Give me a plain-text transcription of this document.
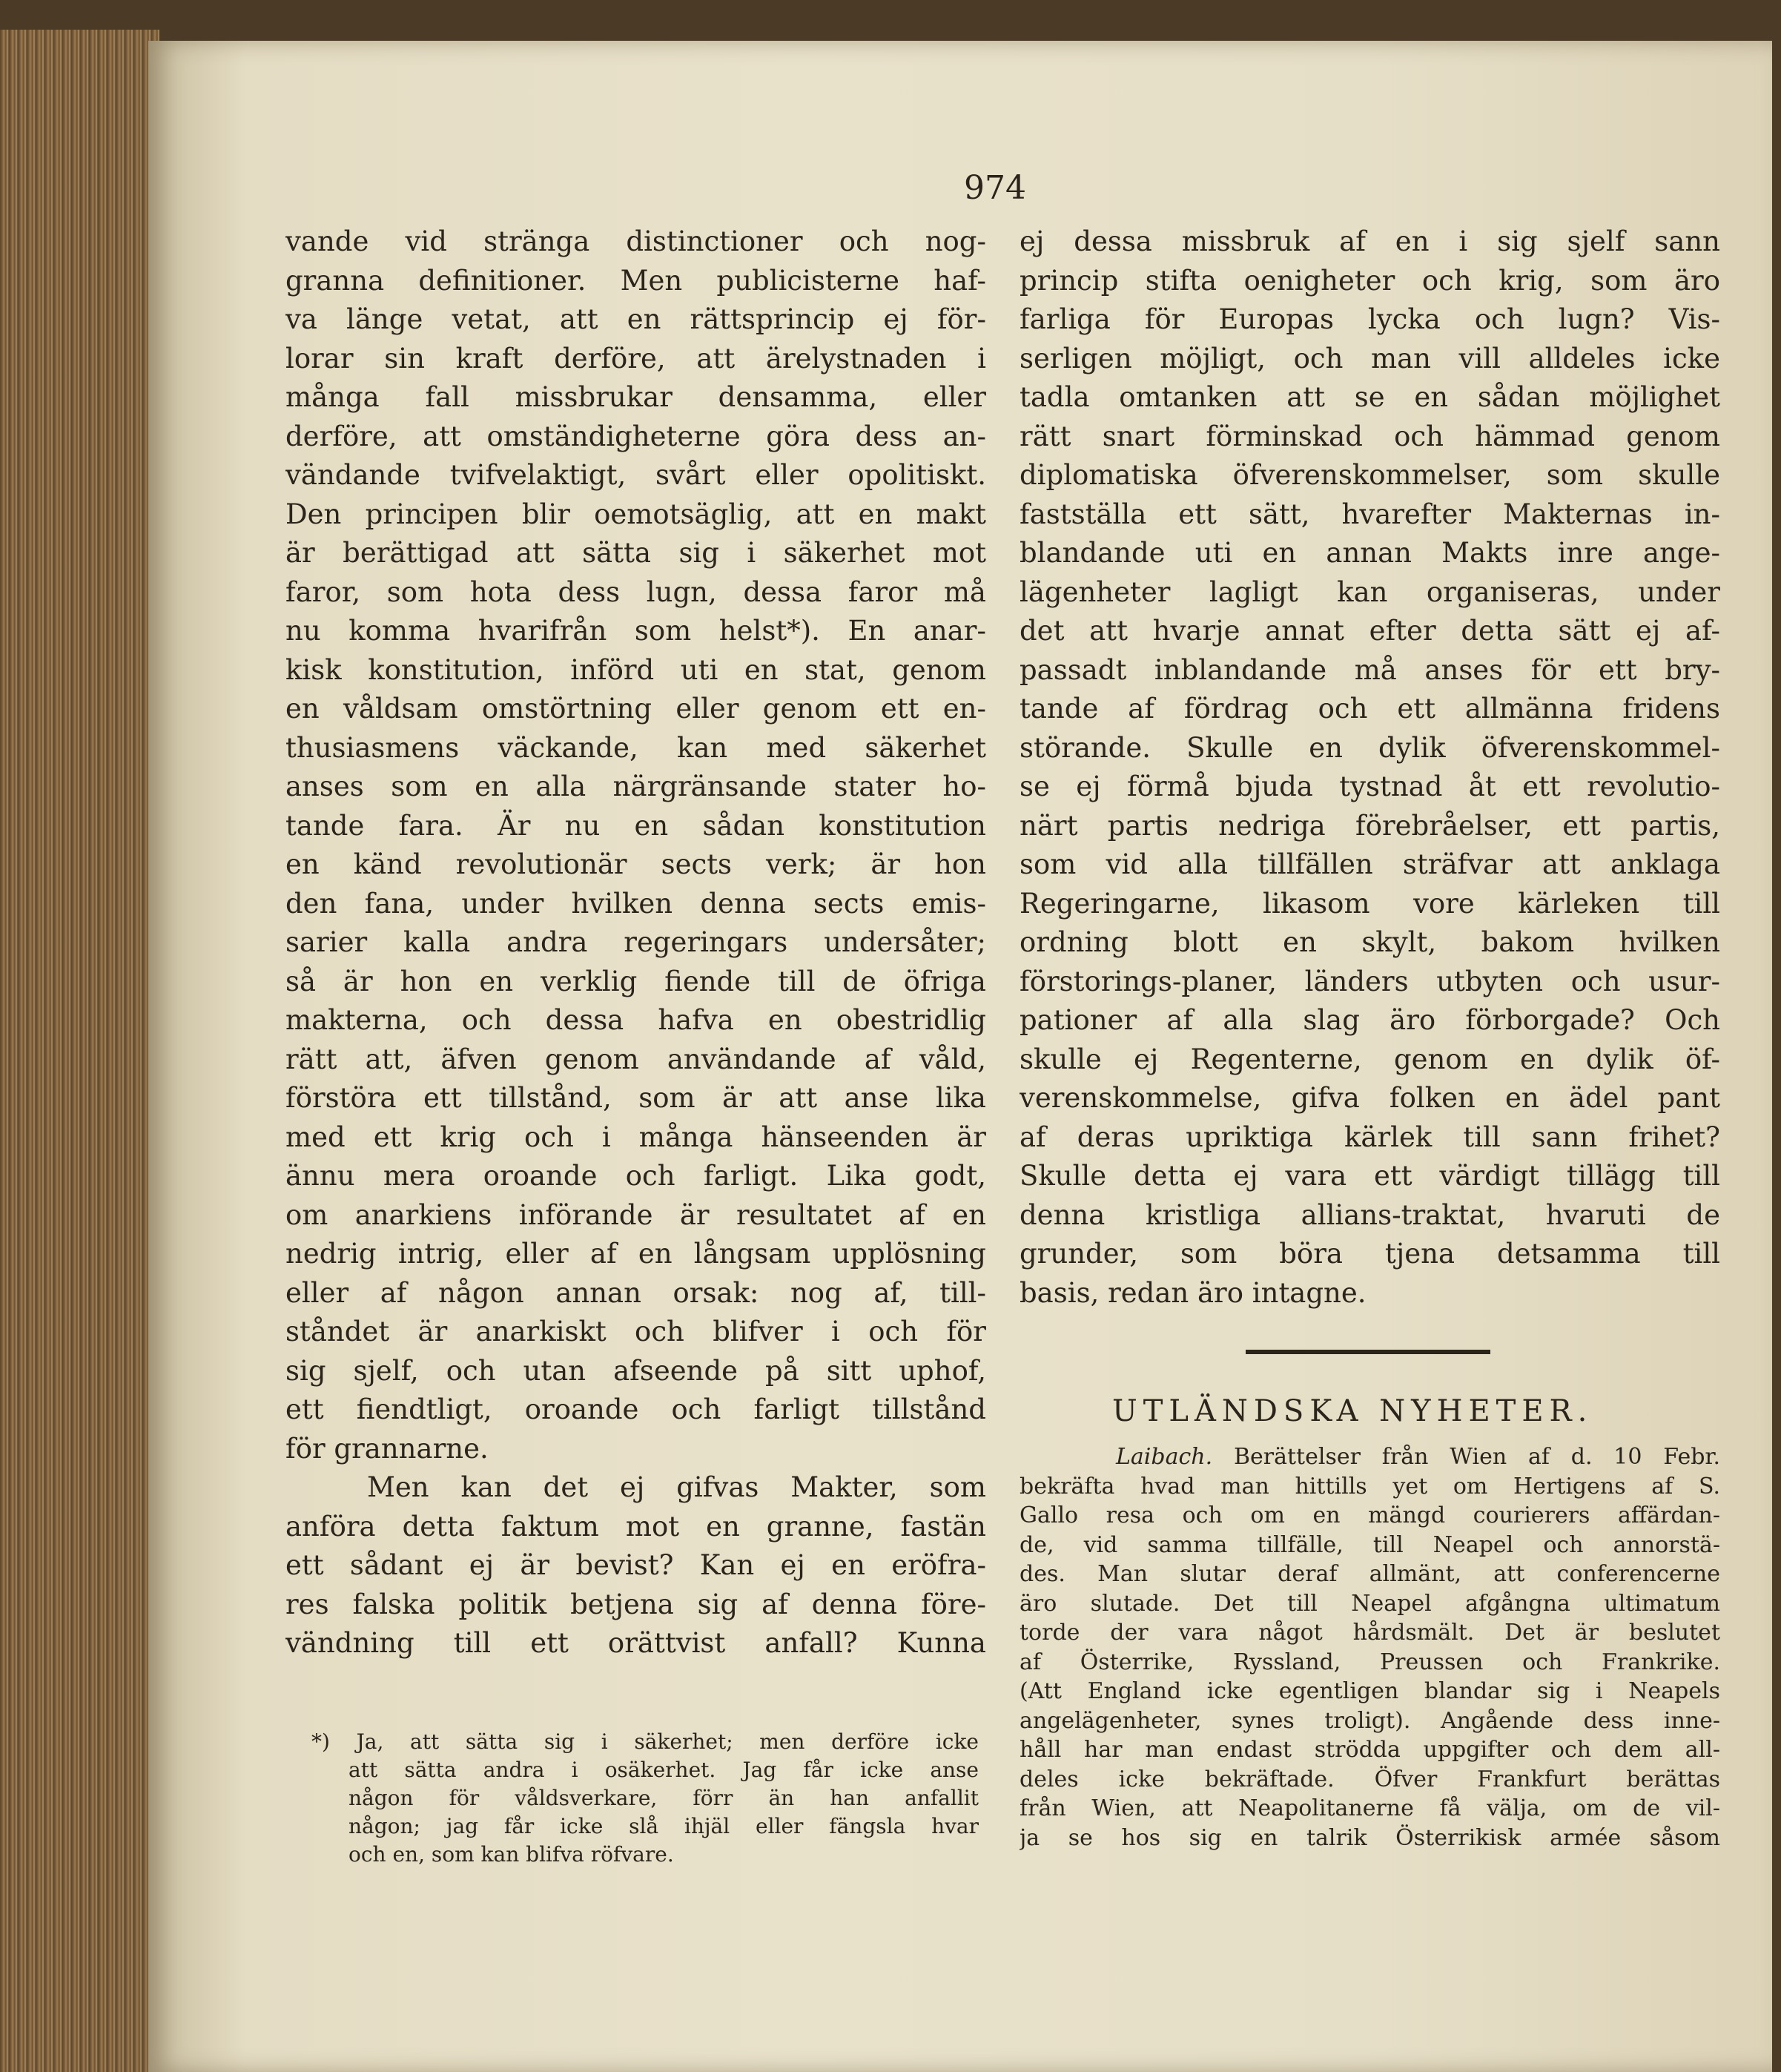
974
vande vid stränga distinctioner och nog-
granna definitioner. Men publicisterne haf-
va länge vetat, att en rättsprincip ej för-
lorar sin kraft derföre, att ärelystnaden i
många fall missbrukar densamma, eller
derföre, att omständigheterne göra dess an-
vändande tvifvelaktigt, svårt eller opolitiskt.
Den principen blir oemotsäglig, att en makt
är berättigad att sätta sig i säkerhet mot
faror, som hota dess lugn, dessa faror må
nu komma hvarifrån som helst*). En anar-
kisk konstitution, införd uti en stat, genom
en våldsam omstörtning eller genom ett en-
thusiasmens väckande, kan med säkerhet
anses som en alla närgränsande stater ho-
tande fara. Är nu en sådan konstitution
en känd revolutionär sects verk; är hon
den fana, under hvilken denna sects emis-
sarier kalla andra regeringars undersåter;
så är hon en verklig fiende till de öfriga
makterna, och dessa hafva en obestridlig
rätt att, äfven genom användande af våld,
förstöra ett tillstånd, som är att anse lika
med ett krig och i många hänseenden är
ännu mera oroande och farligt. Lika godt,
om anarkiens införande är resultatet af en
nedrig intrig, eller af en långsam upplösning
eller af någon annan orsak: nog af, till-
ståndet är anarkiskt och blifver i och för
sig sjelf, och utan afseende på sitt uphof,
ett fiendtligt, oroande och farligt tillstånd
för grannarne.
Men kan det ej gifvas Makter, som
anföra detta faktum mot en granne, fastän
ett sådant ej är bevist? Kan ej en eröfra-
res falska politik betjena sig af denna före-
vändning till ett orättvist anfall? Kunna
*) Ja, att sätta sig i säkerhet; men derföre icke
att sätta andra i osäkerhet. Jag får icke anse
någon för våldsverkare, förr än han anfallit
någon; jag får icke slå ihjäl eller fängsla hvar
och en, som kan blifva röfvare.
ej dessa missbruk af en i sig sjelf sann
princip stifta oenigheter och krig, som äro
farliga för Europas lycka och lugn? Vis-
serligen möjligt, och man vill alldeles icke
tadla omtanken att se en sådan möjlighet
rätt snart förminskad och hämmad genom
diplomatiska öfverenskommelser, som skulle
fastställa ett sätt, hvarefter Makternas in-
blandande uti en annan Makts inre ange-
lägenheter lagligt kan organiseras, under
det att hvarje annat efter detta sätt ej af-
passadt inblandande må anses för ett bry-
tande af fördrag och ett allmänna fridens
störande. Skulle en dylik öfverenskommel-
se ej förmå bjuda tystnad åt ett revolutio-
närt partis nedriga förebråelser, ett partis,
som vid alla tillfällen sträfvar att anklaga
Regeringarne, likasom vore kärleken till
ordning blott en skylt, bakom hvilken
förstorings-planer, länders utbyten och usur-
pationer af alla slag äro förborgade? Och
skulle ej Regenterne, genom en dylik öf-
verenskommelse, gifva folken en ädel pant
af deras upriktiga kärlek till sann frihet?
Skulle detta ej vara ett värdigt tillägg till
denna kristliga allians-traktat, hvaruti de
grunder, som böra tjena detsamma till
basis, redan äro intagne.
UTLÄNDSKA NYHETER.
Laibach. Berättelser från Wien af d. 10 Febr.
bekräfta hvad man hittills yet om Hertigens af S.
Gallo resa och om en mängd courierers affärdan-
de, vid samma tillfälle, till Neapel och annorstä-
des. Man slutar deraf allmänt, att conferencerne
äro slutade. Det till Neapel afgångna ultimatum
torde der vara något hårdsmält. Det är beslutet
af Österrike, Ryssland, Preussen och Frankrike.
(Att England icke egentligen blandar sig i Neapels
angelägenheter, synes troligt). Angående dess inne-
håll har man endast strödda uppgifter och dem all-
deles icke bekräftade. Öfver Frankfurt berättas
från Wien, att Neapolitanerne få välja, om de vil-
ja se hos sig en talrik Österrikisk armée såsom
